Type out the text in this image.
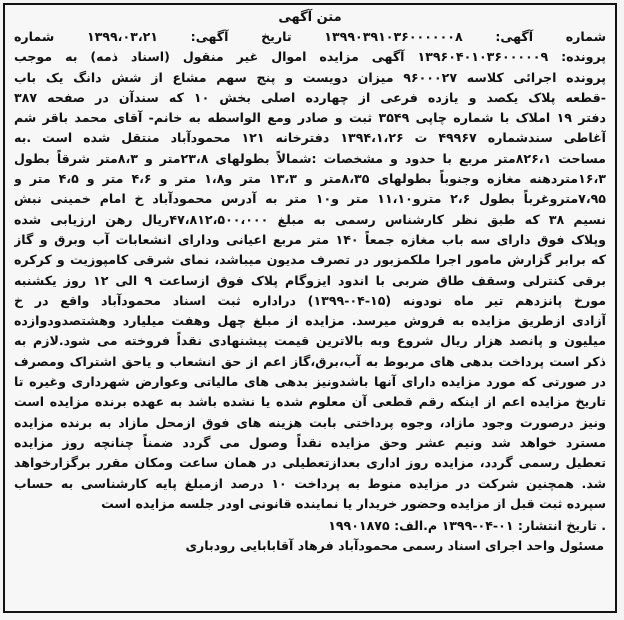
متن آگهی
شماره آگهی: ۱۳۹۹۰۳۹۱۰۳۶۰۰۰۰۰۰۸ تاریخ آگهی: ۱۳۹۹،۰۳،۲۱ شماره
پرونده: ۱۳۹۶۰۴۰۱۰۳۶۰۰۰۰۰۹ آگهی مزایده اموال غیر منقول (اسناد ذمه) به موجب
پرونده اجرائی کلاسه ۹۶۰۰۰۲۷ میزان دویست و پنج سهم مشاع از شش دانگ یک باب
-قطعه پلاک یکصد و یازده فرعی از چهارده اصلی بخش ۱۰ که سندآن در صفحه ۳۸۷
دفتر ۱۹ املاک با شماره چاپی ۳۵۴۹ ثبت و صادر ومع الواسطه به خانم- آقای محمد باقر شم
آغاطی سندشماره ۴۹۹۶۷ ت ۱۳۹۴،۱،۲۶ دفترخانه ۱۲۱ محمودآباد منتقل شده است .به
مساحت ۸۲۶،۱متر مربع با حدود و مشخصات :شمالاً بطولهای ۲۳،۸متر و ۸،۳متر شرقاً بطول
۱۶،۳متردهنه مغازه وجنوباً بطولهای ۸،۳۵متر و ۱۳،۳ متر و۱،۸ متر و ۴،۶ متر و ۴،۵ متر و
۷،۹۵متروغرباً بطول ۲،۶ مترو۱۱،۱۰ متر و۱۰ متر به آدرس محمودآباد خ امام خمینی نبش
نسیم ۳۸ که طبق نظر کارشناس رسمی به مبلغ ۴۷،۸۱۲،۵۰۰،۰۰۰ریال رهن ارزیابی شده
وپلاک فوق دارای سه باب مغازه جمعاً ۱۴۰ متر مربع اعیانی ودارای انشعابات آب وبرق و گاز
که برابر گزارش مامور اجرا ملکمزبور در تصرف مدیون میباشد، نمای شرقی کامپوزیت و کرکره
برقی کنترلی وسقف طاق ضربی با اندود ایزوگام پلاک فوق ازساعت ۹ الی ۱۲ روز یکشنبه
مورخ پانزدهم تیر ماه نودونه (۱۵-۰۴-۱۳۹۹) دراداره ثبت اسناد محمودآباد واقع در خ
آزادی ازطریق مزایده به فروش میرسد. مزایده از مبلغ چهل وهفت میلیارد وهشتصدودوازده
میلیون و پانصد هزار ریال شروع وبه بالاترین قیمت پیشنهادی نقداً فروخته می شود.لازم به
ذکر است پرداخت بدهی های مربوط به آب،برق،گاز اعم از حق انشعاب و یاحق اشتراک ومصرف
در صورتی که مورد مزایده دارای آنها باشدونیز بدهی های مالیاتی وعوارض شهرداری وغیره تا
تاریخ مزایده اعم از اینکه رقم قطعی آن معلوم شده یا نشده باشد به عهده برنده مزایده است
ونیز درصورت وجود مازاد، وجوه پرداختی بابت هزینه های فوق ازمحل مازاد به برنده مزایده
مسترد خواهد شد ونیم عشر وحق مزایده نقداً وصول می گردد ضمناً چنانچه روز مزایده
تعطیل رسمی گردد، مزایده روز اداری بعدازتعطیلی در همان ساعت ومکان مقرر برگزارخواهد
شد. همچنین شرکت در مزایده منوط به پرداخت ۱۰ درصد ازمبلغ پایه کارشناسی به حساب
سپرده ثبت قبل از مزایده وحضور خریدار یا نماینده قانونی اودر جلسه مزایده است
. تاریخ انتشار: ۰۱-۰۴-۱۳۹۹ م.الف: ۱۹۹۰۱۸۷۵
مسئول واحد اجرای اسناد رسمی محمودآباد فرهاد آقابابایی رودباری
